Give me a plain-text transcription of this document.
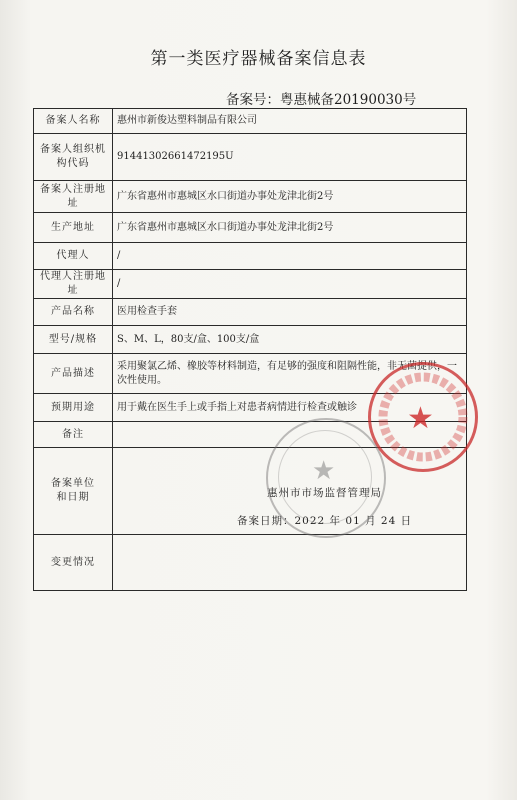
第一类医疗器械备案信息表
备案号：粤惠械备20190030号
备案人名称	惠州市新俊达塑料制品有限公司
备案人组织机构代码	91441302661472195U
备案人注册地址	广东省惠州市惠城区水口街道办事处龙津北街2号
生产地址	广东省惠州市惠城区水口街道办事处龙津北街2号
代理人	/
代理人注册地址	/
产品名称	医用检查手套
型号/规格	S、M、L，80支/盒、100支/盒
产品描述	采用聚氯乙烯、橡胶等材料制造，有足够的强度和阻隔性能，非无菌提供，一次性使用。
预期用途	用于戴在医生手上或手指上对患者病情进行检查或触诊
备注	
备案单位和日期	惠州市市场监督管理局
备案日期：2022 年 01 月 24 日

变更情况	
★
★
